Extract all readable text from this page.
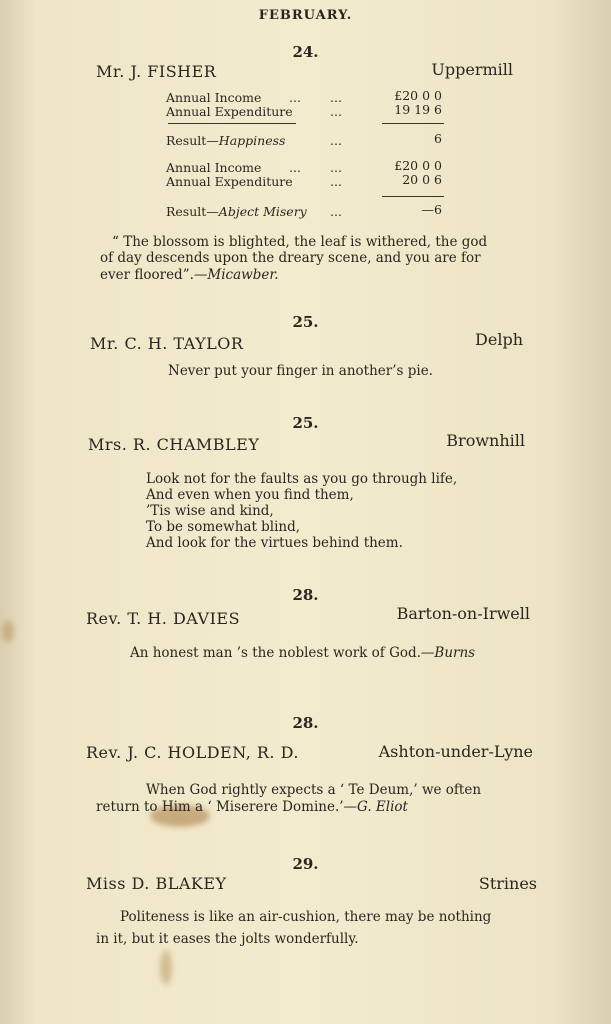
FEBRUARY.
24.
Mr. J. FISHER	Uppermill
Annual Income ... ...	£20 0 0
Annual Expenditure	...	19 19 6
Result—Happiness	...	6
Annual Income ... ...	£20 0 0
Annual Expenditure	...	20 0 6
Result—Abject Misery ...	—6
“ The blossom is blighted, the leaf is withered, the god
of day descends upon the dreary scene, and you are for
ever floored”.—Micawber.
25.
Mr. C. H. TAYLOR	Delph
Never put your finger in another’s pie.
25.
Mrs. R. CHAMBLEY	Brownhill
Look not for the faults as you go through life,
And even when you find them,
’Tis wise and kind,
To be somewhat blind,
And look for the virtues behind them.
28.
Rev. T. H. DAVIES	Barton-on-Irwell
An honest man ’s the noblest work of God.—Burns
28.
Rev. J. C. HOLDEN, R. D.	Ashton-under-Lyne
When God rightly expects a ‘ Te Deum,’ we often
return to Him a ‘ Miserere Domine.’—G. Eliot
29.
Miss D. BLAKEY	Strines
Politeness is like an air-cushion, there may be nothing
in it, but it eases the jolts wonderfully.
